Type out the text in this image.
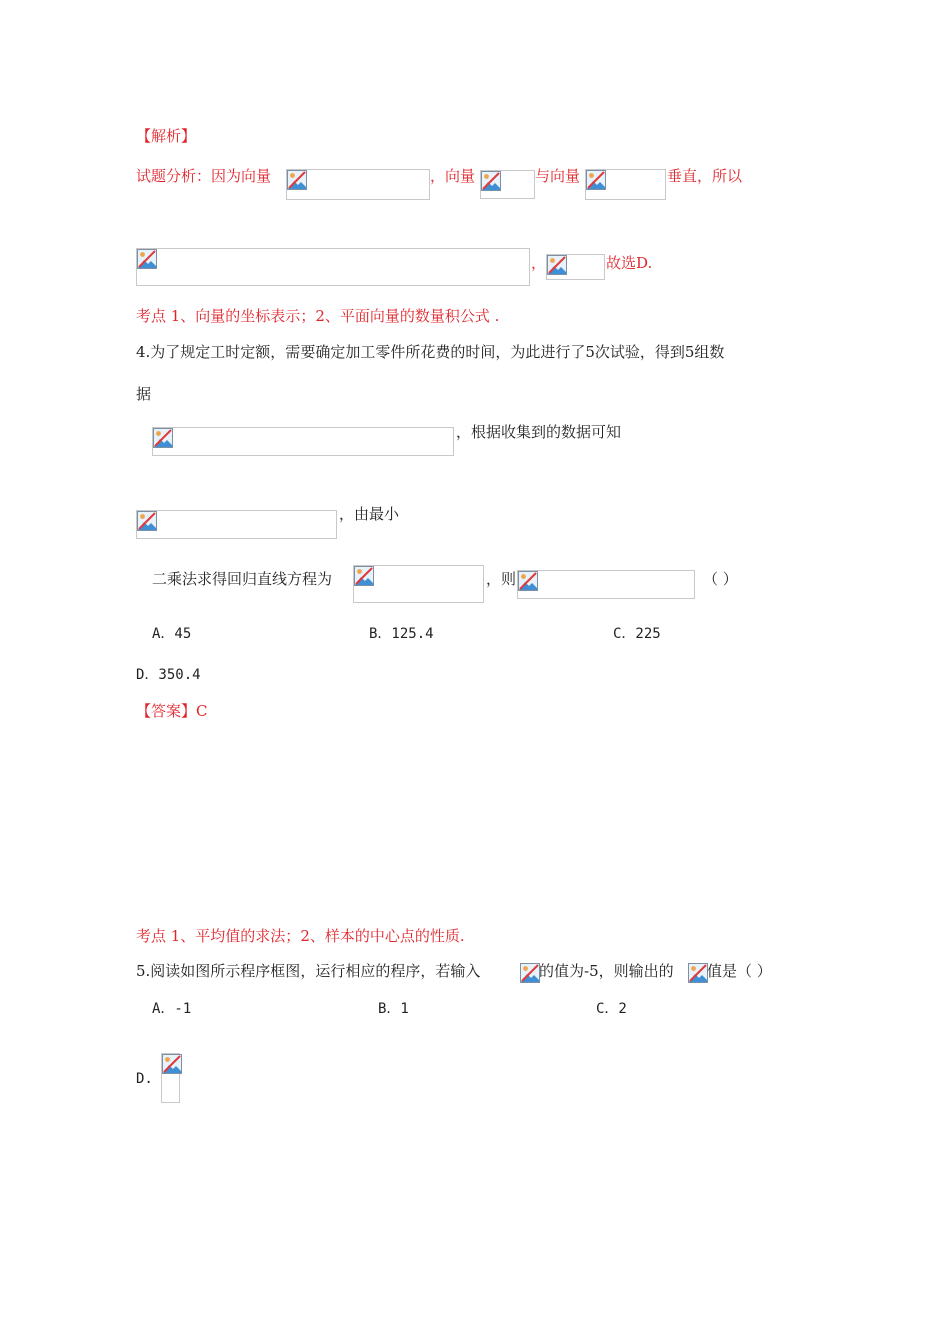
【解析】
试题分析：因为向量	，向量	与向量	垂直，所以
，	故选D.
考点 1、向量的坐标表示；2、平面向量的数量积公式 .
4.为了规定工时定额，需要确定加工零件所花费的时间，为此进行了5次试验，得到5组数
据
，根据收集到的数据可知
，由最小
二乘法求得回归直线方程为	，则	（ ）
A．45	B．125.4	C．225
D．350.4
【答案】C
考点 1、平均值的求法；2、样本的中心点的性质.
5.阅读如图所示程序框图，运行相应的程序，若输入	的值为-5，则输出的 值是（ ）
A．-1	B．1	C．2
D.
